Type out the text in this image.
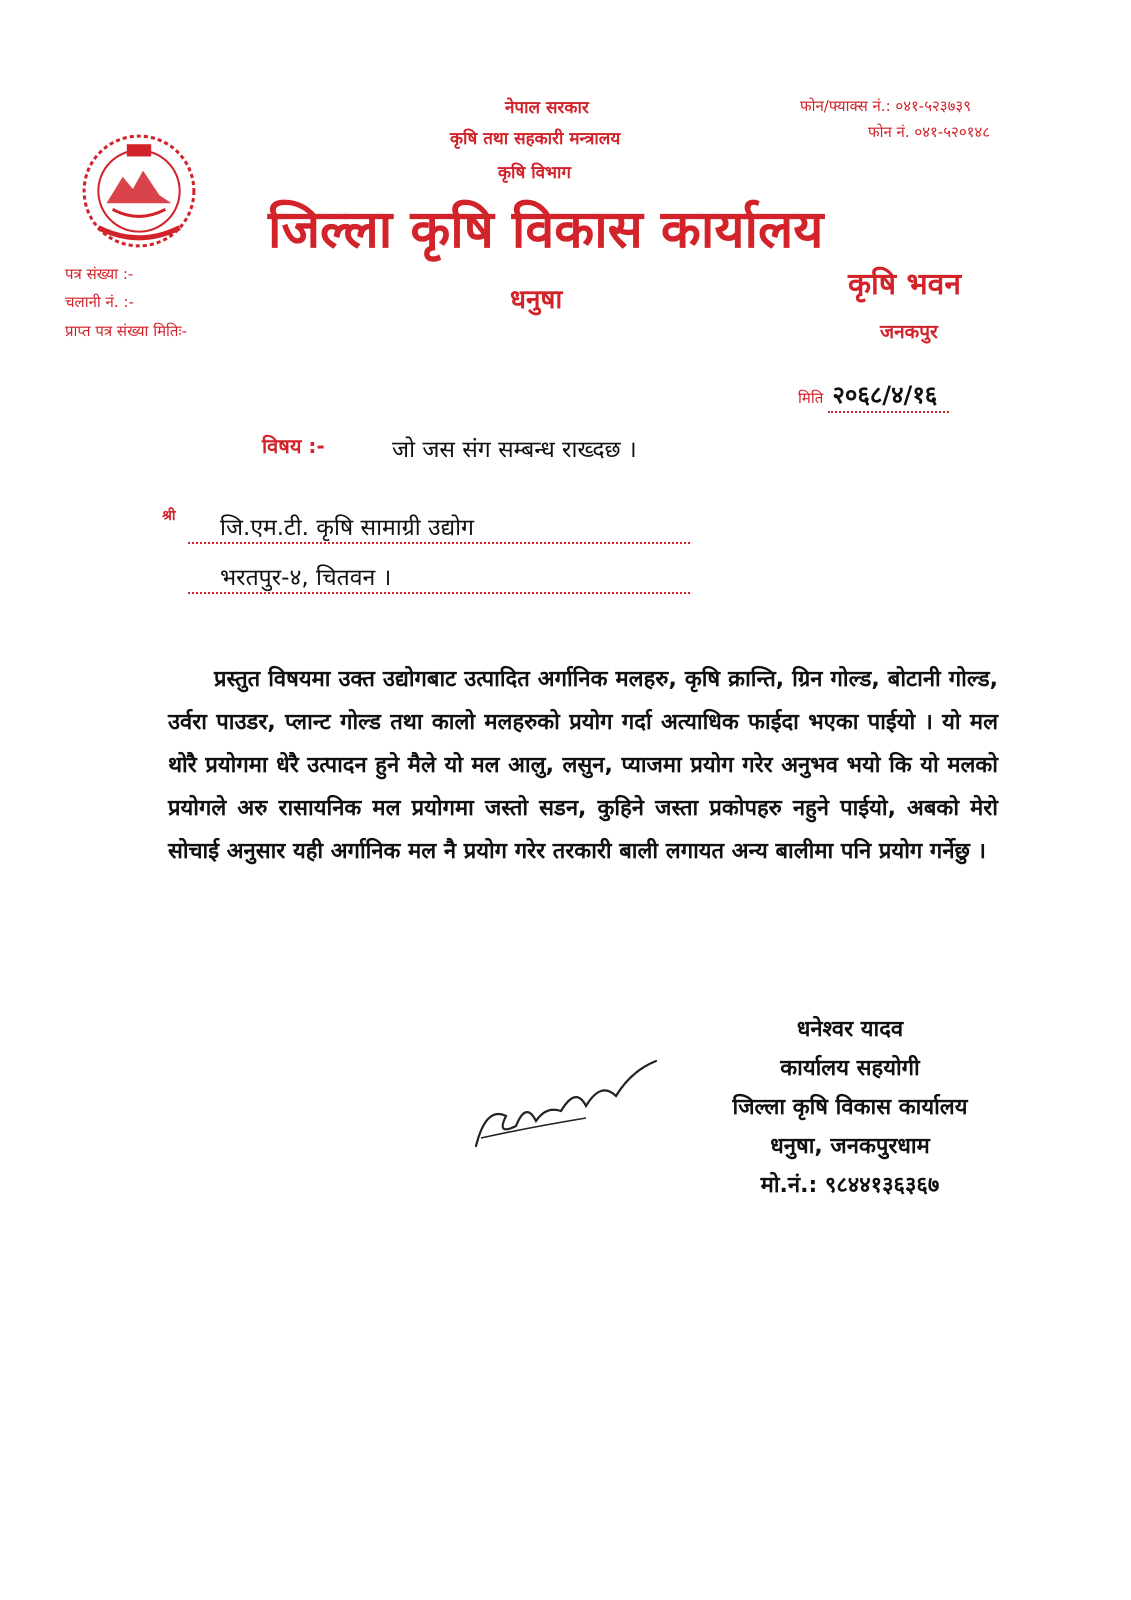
नेपाल सरकार
कृषि तथा सहकारी मन्त्रालय
कृषि विभाग
जिल्ला कृषि विकास कार्यालय
धनुषा	कृषि भवन
जनकपुर
फोन/फ्याक्स नं.: ०४१-५२३७३९
फोन नं. ०४१-५२०१४८
पत्र संख्या :-
चलानी नं. :-
प्राप्त पत्र संख्या मितिः-
मिति २०६८/४/१६
विषय :-	जो जस संग सम्बन्ध राख्दछ ।
श्री	जि.एम.टी. कृषि सामाग्री उद्योग
भरतपुर-४, चितवन ।
प्रस्तुत विषयमा उक्त उद्योगबाट उत्पादित अर्गानिक मलहरु, कृषि क्रान्ति, ग्रिन गोल्ड, बोटानी गोल्ड, उर्वरा पाउडर, प्लान्ट गोल्ड तथा कालो मलहरुको प्रयोग गर्दा अत्याधिक फाईदा भएका पाईयो । यो मल थोरै प्रयोगमा धेरै उत्पादन हुने मैले यो मल आलु, लसुन, प्याजमा प्रयोग गरेर अनुभव भयो कि यो मलको प्रयोगले अरु रासायनिक मल प्रयोगमा जस्तो सडन, कुहिने जस्ता प्रकोपहरु नहुने पाईयो, अबको मेरो सोचाई अनुसार यही अर्गानिक मल नै प्रयोग गरेर तरकारी बाली लगायत अन्य बालीमा पनि प्रयोग गर्नेछु ।
धनेश्वर यादव
कार्यालय सहयोगी
जिल्ला कृषि विकास कार्यालय
धनुषा, जनकपुरधाम
मो.नं.: ९८४४१३६३६७
